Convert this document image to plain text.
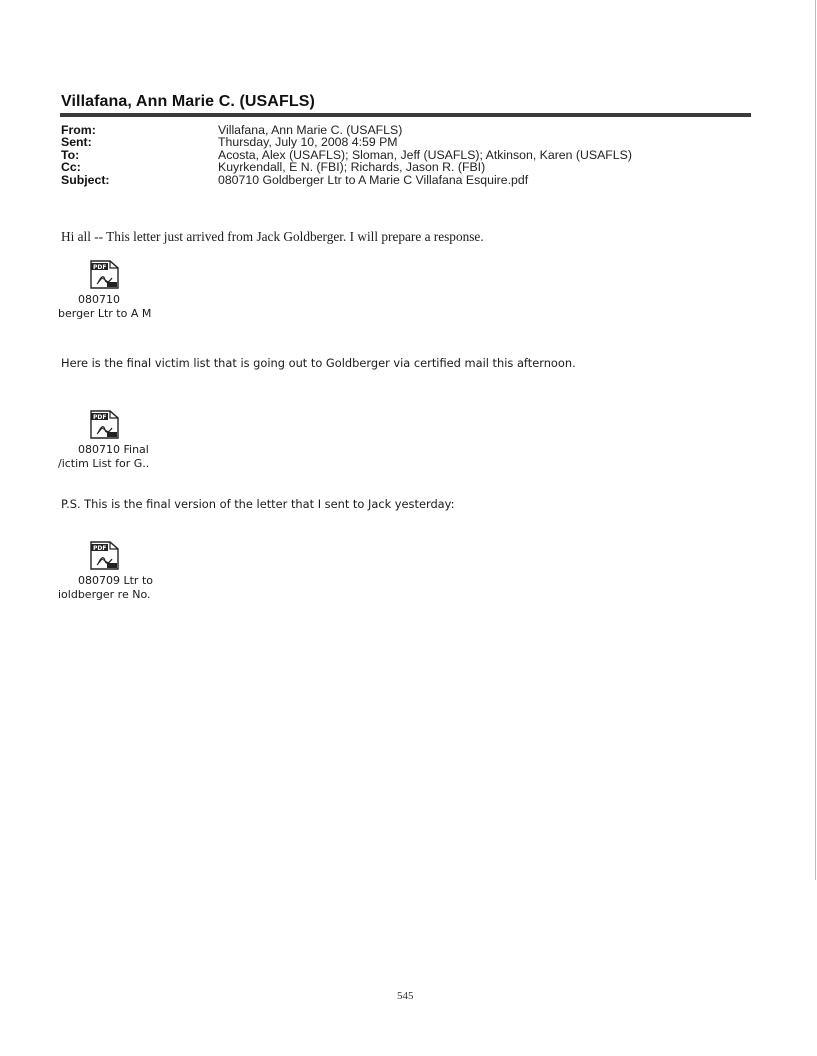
Villafana, Ann Marie C. (USAFLS)
From:	Villafana, Ann Marie C. (USAFLS)
Sent:	Thursday, July 10, 2008 4:59 PM
To:	Acosta, Alex (USAFLS); Sloman, Jeff (USAFLS); Atkinson, Karen (USAFLS)
Cc:	Kuyrkendall, E N. (FBI); Richards, Jason R. (FBI)
Subject:	080710 Goldberger Ltr to A Marie C Villafana Esquire.pdf
Hi all -- This letter just arrived from Jack Goldberger. I will prepare a response.
PDF
080710
berger Ltr to A M
Here is the final victim list that is going out to Goldberger via certified mail this afternoon.
PDF
080710 Final
/ictim List for G..
P.S. This is the final version of the letter that I sent to Jack yesterday:
PDF
080709 Ltr to
ioldberger re No.
545
